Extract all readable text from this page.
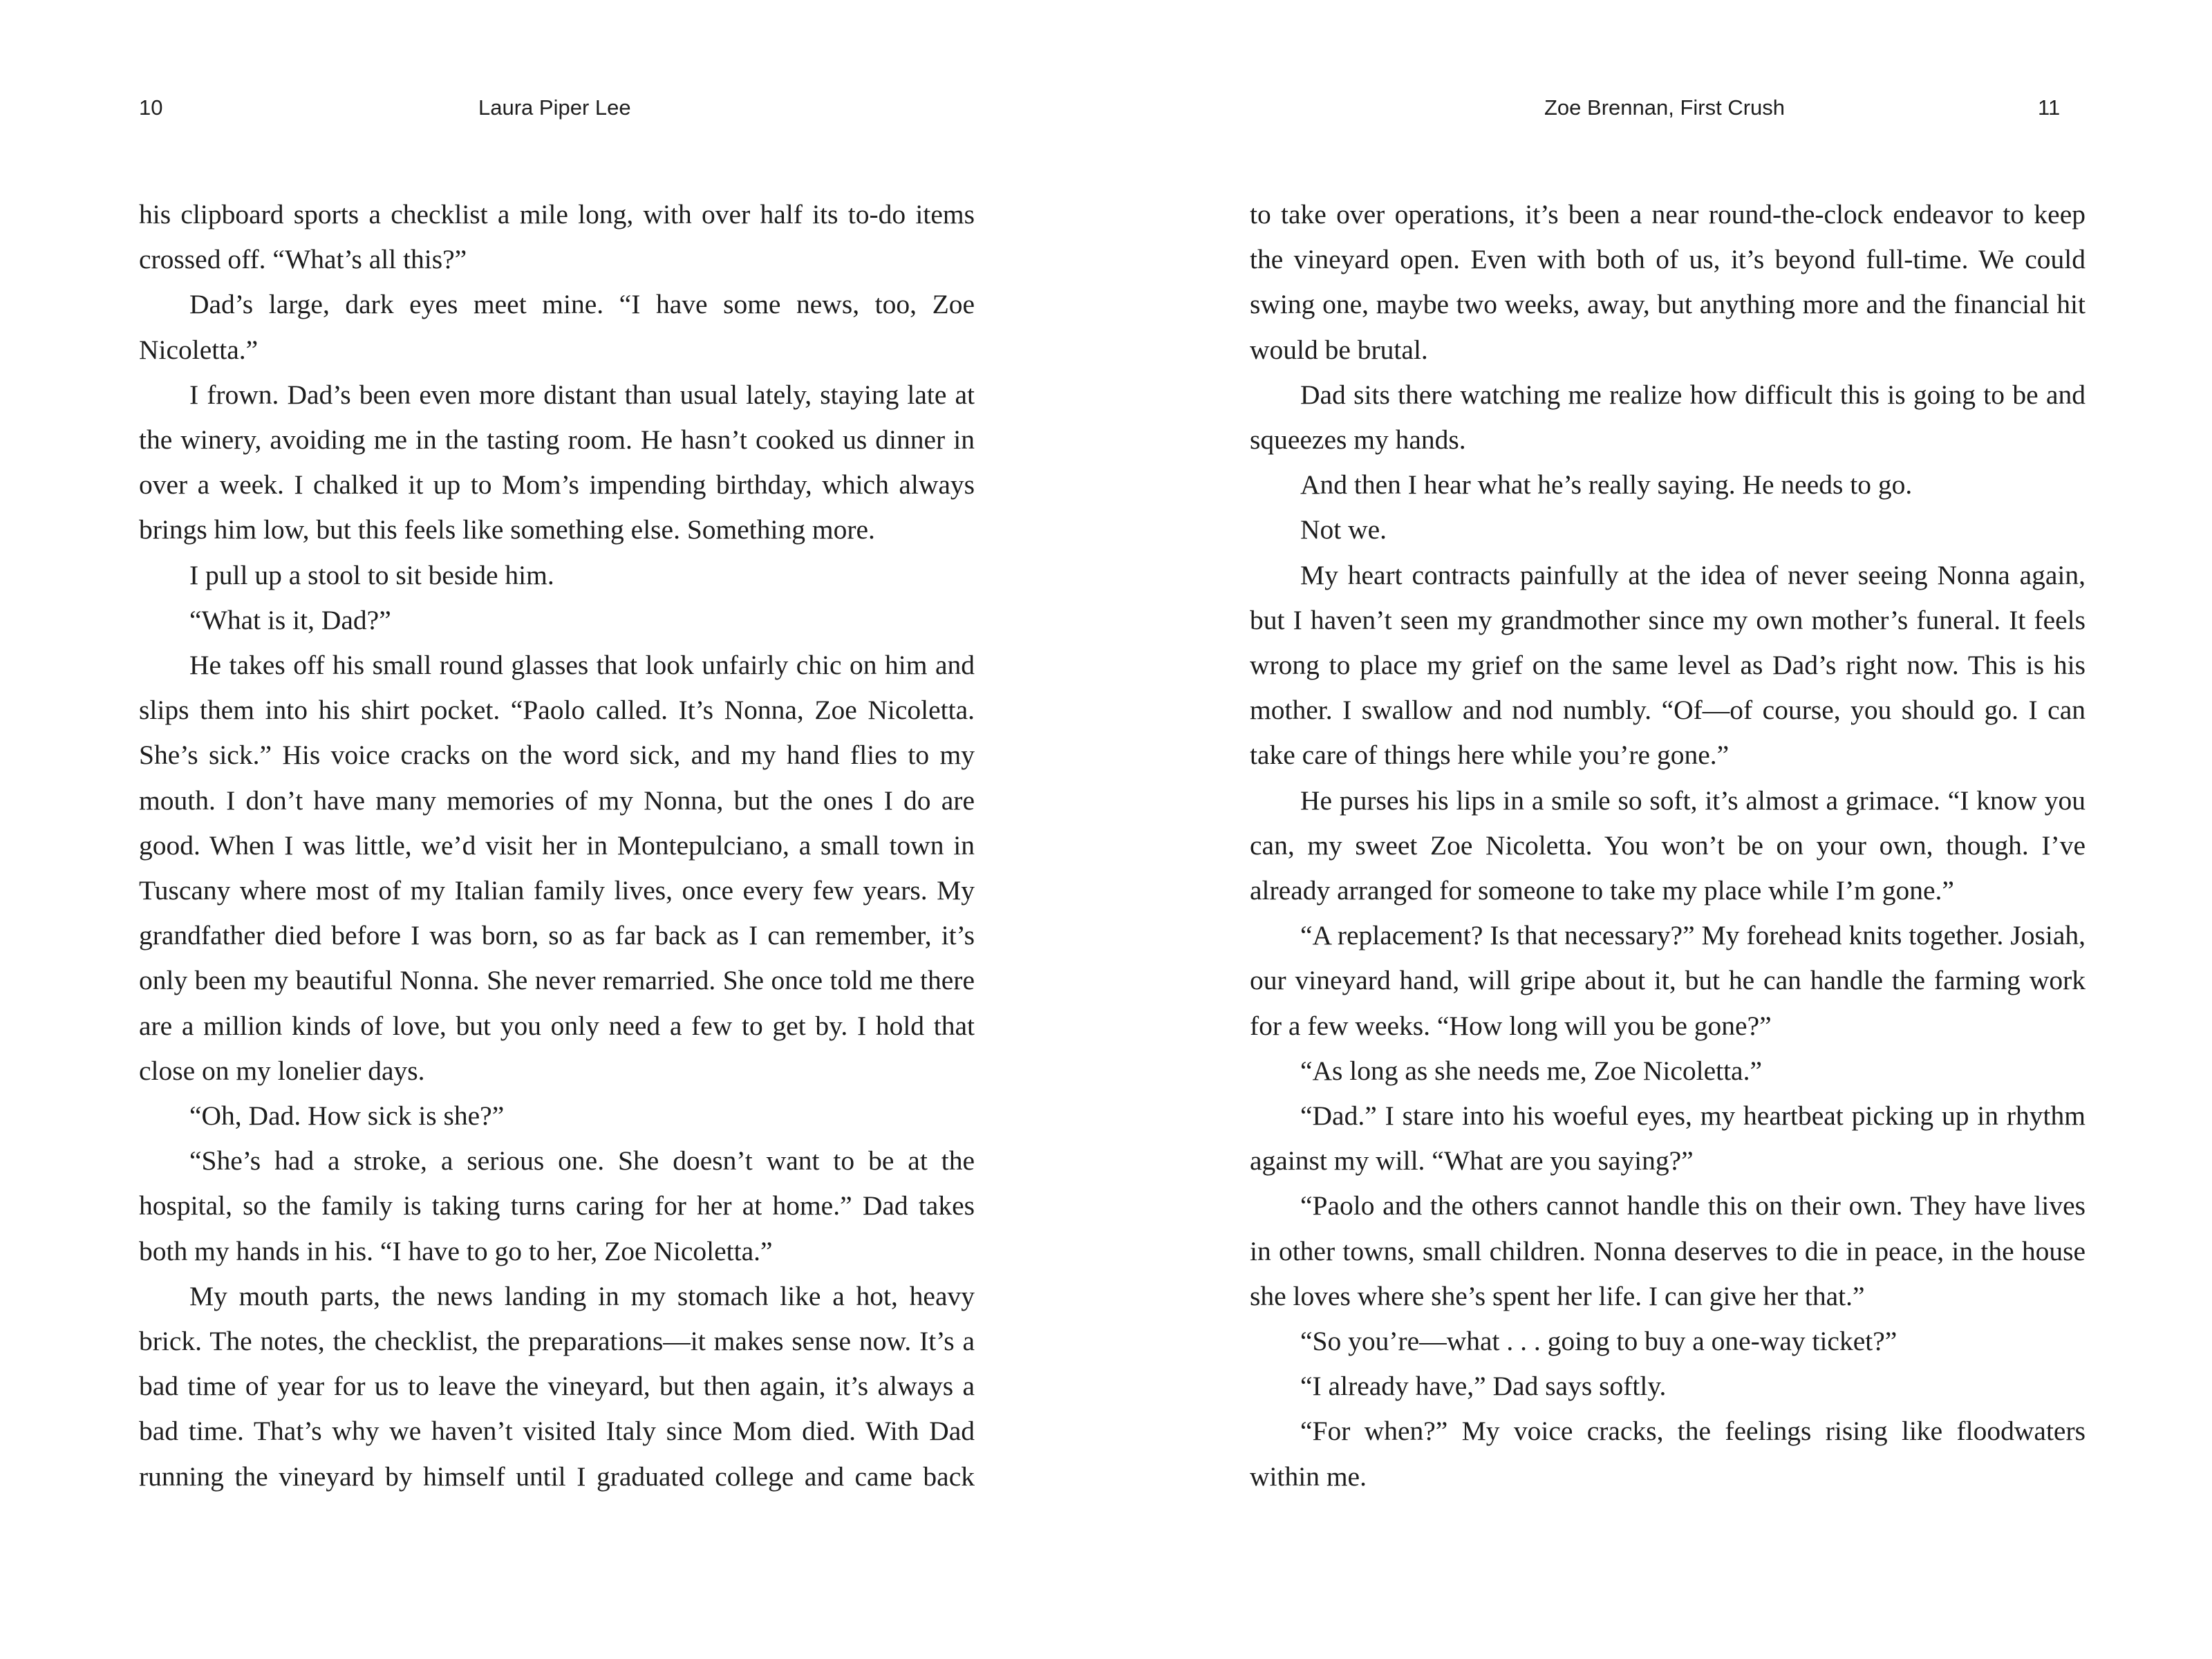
10	Laura Piper Lee

his clipboard sports a checklist a mile long, with over half its to-do items crossed off. “What’s all this?”

Dad’s large, dark eyes meet mine. “I have some news, too, Zoe Nicoletta.”

I frown. Dad’s been even more distant than usual lately, staying late at the winery, avoiding me in the tasting room. He hasn’t cooked us dinner in over a week. I chalked it up to Mom’s impending birthday, which always brings him low, but this feels like something else. Something more.

I pull up a stool to sit beside him.

“What is it, Dad?”

He takes off his small round glasses that look unfairly chic on him and slips them into his shirt pocket. “Paolo called. It’s Nonna, Zoe Nicoletta. She’s sick.” His voice cracks on the word sick, and my hand flies to my mouth. I don’t have many memories of my Nonna, but the ones I do are good. When I was little, we’d visit her in Montepulciano, a small town in Tuscany where most of my Italian family lives, once every few years. My grandfather died before I was born, so as far back as I can remember, it’s only been my beautiful Nonna. She never remarried. She once told me there are a million kinds of love, but you only need a few to get by. I hold that close on my lonelier days.

“Oh, Dad. How sick is she?”

“She’s had a stroke, a serious one. She doesn’t want to be at the hospital, so the family is taking turns caring for her at home.” Dad takes both my hands in his. “I have to go to her, Zoe Nicoletta.”

My mouth parts, the news landing in my stomach like a hot, heavy brick. The notes, the checklist, the preparations—it makes sense now. It’s a bad time of year for us to leave the vineyard, but then again, it’s always a bad time. That’s why we haven’t visited Italy since Mom died. With Dad running the vineyard by himself until I graduated college and came back

Zoe Brennan, First Crush	11

to take over operations, it’s been a near round-the-clock endeavor to keep the vineyard open. Even with both of us, it’s beyond full-time. We could swing one, maybe two weeks, away, but anything more and the financial hit would be brutal.

Dad sits there watching me realize how difficult this is going to be and squeezes my hands.

And then I hear what he’s really saying. He needs to go.

Not we.

My heart contracts painfully at the idea of never seeing Nonna again, but I haven’t seen my grandmother since my own mother’s funeral. It feels wrong to place my grief on the same level as Dad’s right now. This is his mother. I swallow and nod numbly. “Of—of course, you should go. I can take care of things here while you’re gone.”

He purses his lips in a smile so soft, it’s almost a grimace. “I know you can, my sweet Zoe Nicoletta. You won’t be on your own, though. I’ve already arranged for someone to take my place while I’m gone.”

“A replacement? Is that necessary?” My forehead knits together. Josiah, our vineyard hand, will gripe about it, but he can handle the farming work for a few weeks. “How long will you be gone?”

“As long as she needs me, Zoe Nicoletta.”

“Dad.” I stare into his woeful eyes, my heartbeat picking up in rhythm against my will. “What are you saying?”

“Paolo and the others cannot handle this on their own. They have lives in other towns, small children. Nonna deserves to die in peace, in the house she loves where she’s spent her life. I can give her that.”

“So you’re—what . . . going to buy a one-way ticket?”

“I already have,” Dad says softly.

“For when?” My voice cracks, the feelings rising like floodwaters within me.
